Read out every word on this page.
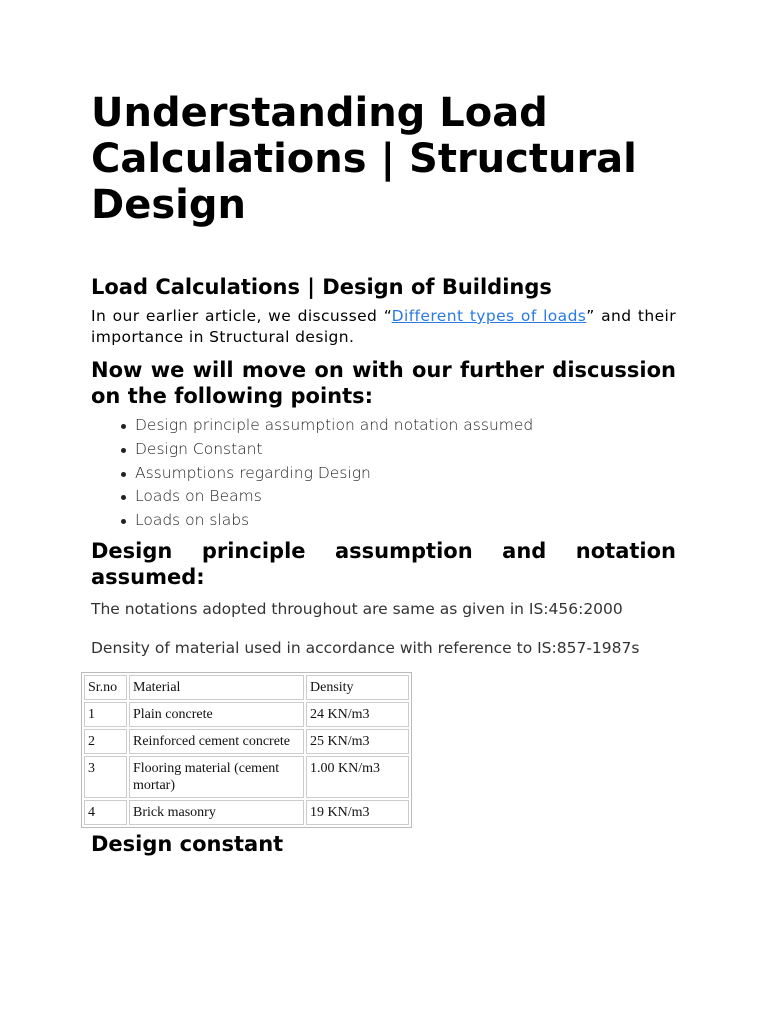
Understanding Load Calculations | Structural Design
Load Calculations | Design of Buildings

In our earlier article, we discussed “Different types of loads” and their importance in Structural design.

Now we will move on with our further discussion on the following points:
Design principle assumption and notation assumed
Design Constant
Assumptions regarding Design
Loads on Beams
Loads on slabs
Design principle assumption and notation assumed:

The notations adopted throughout are same as given in IS:456:2000

Density of material used in accordance with reference to IS:857-1987s

Sr.no	Material	Density
1	Plain concrete	24 KN/m3
2	Reinforced cement concrete	25 KN/m3
3	Flooring material (cement mortar)	1.00 KN/m3
4	Brick masonry	19 KN/m3
Design constant
